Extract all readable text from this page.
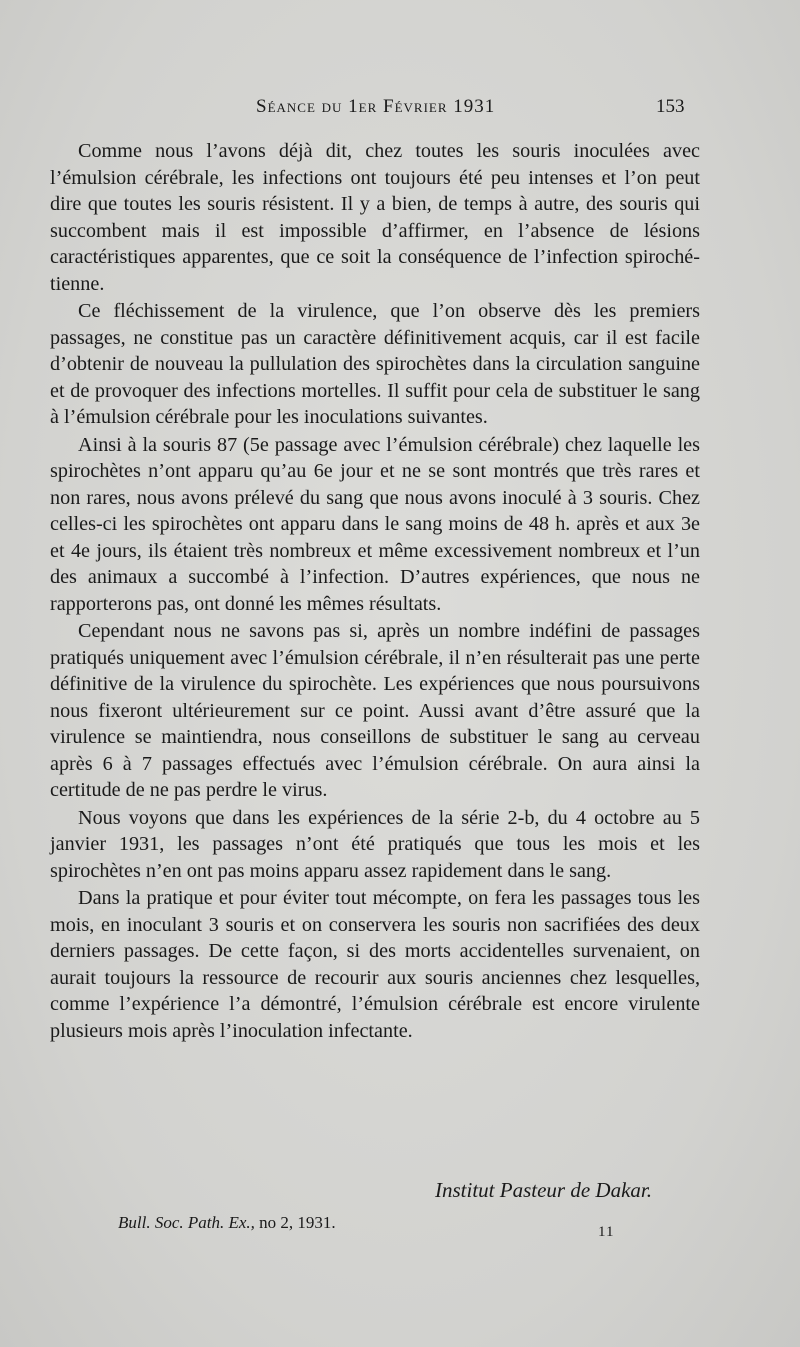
Séance du 1er Février 1931	153

Comme nous l’avons déjà dit, chez toutes les souris inoculées avec l’émulsion cérébrale, les infections ont toujours été peu intenses et l’on peut dire que toutes les souris résistent. Il y a bien, de temps à autre, des souris qui succombent mais il est impossible d’affirmer, en l’absence de lésions caractéristiques apparentes, que ce soit la conséquence de l’infection spirochétienne.

Ce fléchissement de la virulence, que l’on observe dès les premiers passages, ne constitue pas un caractère définitivement acquis, car il est facile d’obtenir de nouveau la pullulation des spirochètes dans la circulation sanguine et de provoquer des infections mortelles. Il suffit pour cela de substituer le sang à l’émulsion cérébrale pour les inoculations suivantes.

Ainsi à la souris 87 (5e passage avec l’émulsion cérébrale) chez laquelle les spirochètes n’ont apparu qu’au 6e jour et ne se sont montrés que très rares et non rares, nous avons prélevé du sang que nous avons inoculé à 3 souris. Chez celles-ci les spirochètes ont apparu dans le sang moins de 48 h. après et aux 3e et 4e jours, ils étaient très nombreux et même excessivement nombreux et l’un des animaux a succombé à l’infection. D’autres expériences, que nous ne rapporterons pas, ont donné les mêmes résultats.

Cependant nous ne savons pas si, après un nombre indéfini de passages pratiqués uniquement avec l’émulsion cérébrale, il n’en résulterait pas une perte définitive de la virulence du spirochète. Les expériences que nous poursuivons nous fixeront ultérieurement sur ce point. Aussi avant d’être assuré que la virulence se maintiendra, nous conseillons de substituer le sang au cerveau après 6 à 7 passages effectués avec l’émulsion cérébrale. On aura ainsi la certitude de ne pas perdre le virus.

Nous voyons que dans les expériences de la série 2-b, du 4 octobre au 5 janvier 1931, les passages n’ont été pratiqués que tous les mois et les spirochètes n’en ont pas moins apparu assez rapidement dans le sang.

Dans la pratique et pour éviter tout mécompte, on fera les passages tous les mois, en inoculant 3 souris et on conservera les souris non sacrifiées des deux derniers passages. De cette façon, si des morts accidentelles survenaient, on aurait toujours la ressource de recourir aux souris anciennes chez lesquelles, comme l’expérience l’a démontré, l’émulsion cérébrale est encore virulente plusieurs mois après l’inoculation infectante.

Institut Pasteur de Dakar.
Bull. Soc. Path. Ex., no 2, 1931.	11
